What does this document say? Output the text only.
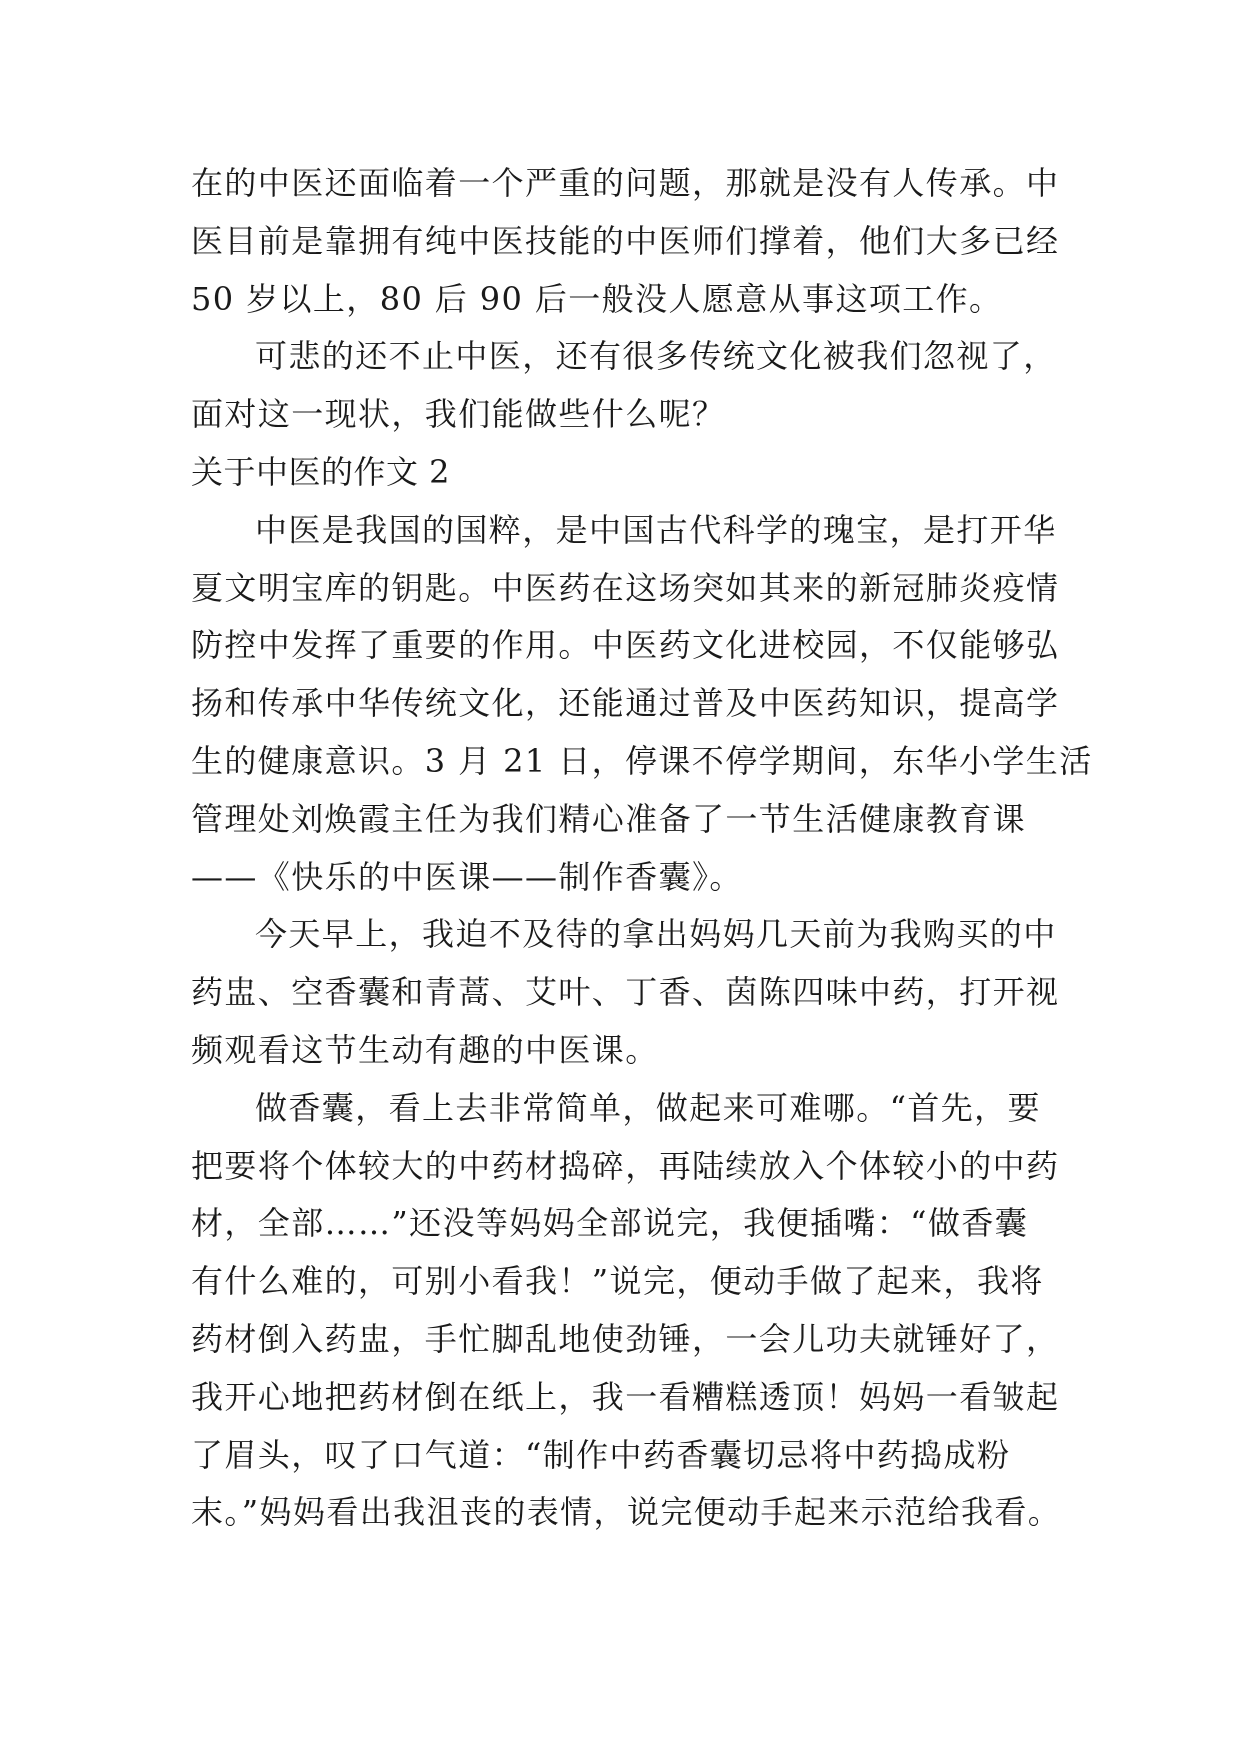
在的中医还面临着一个严重的问题，那就是没有人传承。中
医目前是靠拥有纯中医技能的中医师们撑着，他们大多已经
50 岁以上，80 后 90 后一般没人愿意从事这项工作。
可悲的还不止中医，还有很多传统文化被我们忽视了，
面对这一现状，我们能做些什么呢？
关于中医的作文 2
中医是我国的国粹，是中国古代科学的瑰宝，是打开华
夏文明宝库的钥匙。中医药在这场突如其来的新冠肺炎疫情
防控中发挥了重要的作用。中医药文化进校园，不仅能够弘
扬和传承中华传统文化，还能通过普及中医药知识，提高学
生的健康意识。3 月 21 日，停课不停学期间，东华小学生活
管理处刘焕霞主任为我们精心准备了一节生活健康教育课
——《快乐的中医课——制作香囊》。
今天早上，我迫不及待的拿出妈妈几天前为我购买的中
药盅、空香囊和青蒿、艾叶、丁香、茵陈四味中药，打开视
频观看这节生动有趣的中医课。
做香囊，看上去非常简单，做起来可难哪。“首先，要
把要将个体较大的中药材捣碎，再陆续放入个体较小的中药
材，全部……”还没等妈妈全部说完，我便插嘴：“做香囊
有什么难的，可别小看我！”说完，便动手做了起来，我将
药材倒入药盅，手忙脚乱地使劲锤，一会儿功夫就锤好了，
我开心地把药材倒在纸上，我一看糟糕透顶！妈妈一看皱起
了眉头，叹了口气道：“制作中药香囊切忌将中药捣成粉
末。”妈妈看出我沮丧的表情，说完便动手起来示范给我看。
